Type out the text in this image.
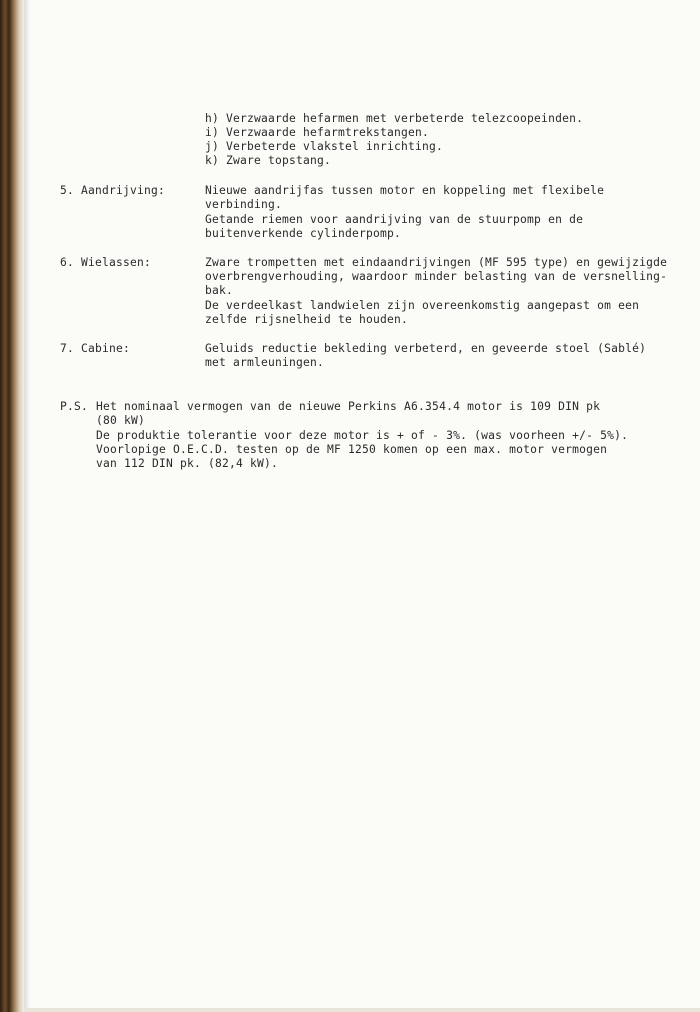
h) Verzwaarde hefarmen met verbeterde telezcoopeinden.
i) Verzwaarde hefarmtrekstangen.
j) Verbeterde vlakstel inrichting.
k) Zware topstang.
5. Aandrijving:	Nieuwe aandrijfas tussen motor en koppeling met flexibele
verbinding.
Getande riemen voor aandrijving van de stuurpomp en de
buitenverkende cylinderpomp.
6. Wielassen:	Zware trompetten met eindaandrijvingen (MF 595 type) en gewijzigde
overbrengverhouding, waardoor minder belasting van de versnelling-
bak.
De verdeelkast landwielen zijn overeenkomstig aangepast om een
zelfde rijsnelheid te houden.
7. Cabine:	Geluids reductie bekleding verbeterd, en geveerde stoel (Sablé)
met armleuningen.
P.S. Het nominaal vermogen van de nieuwe Perkins A6.354.4 motor is 109 DIN pk
(80 kW)
De produktie tolerantie voor deze motor is + of - 3%. (was voorheen +/- 5%).
Voorlopige O.E.C.D. testen op de MF 1250 komen op een max. motor vermogen
van 112 DIN pk. (82,4 kW).
